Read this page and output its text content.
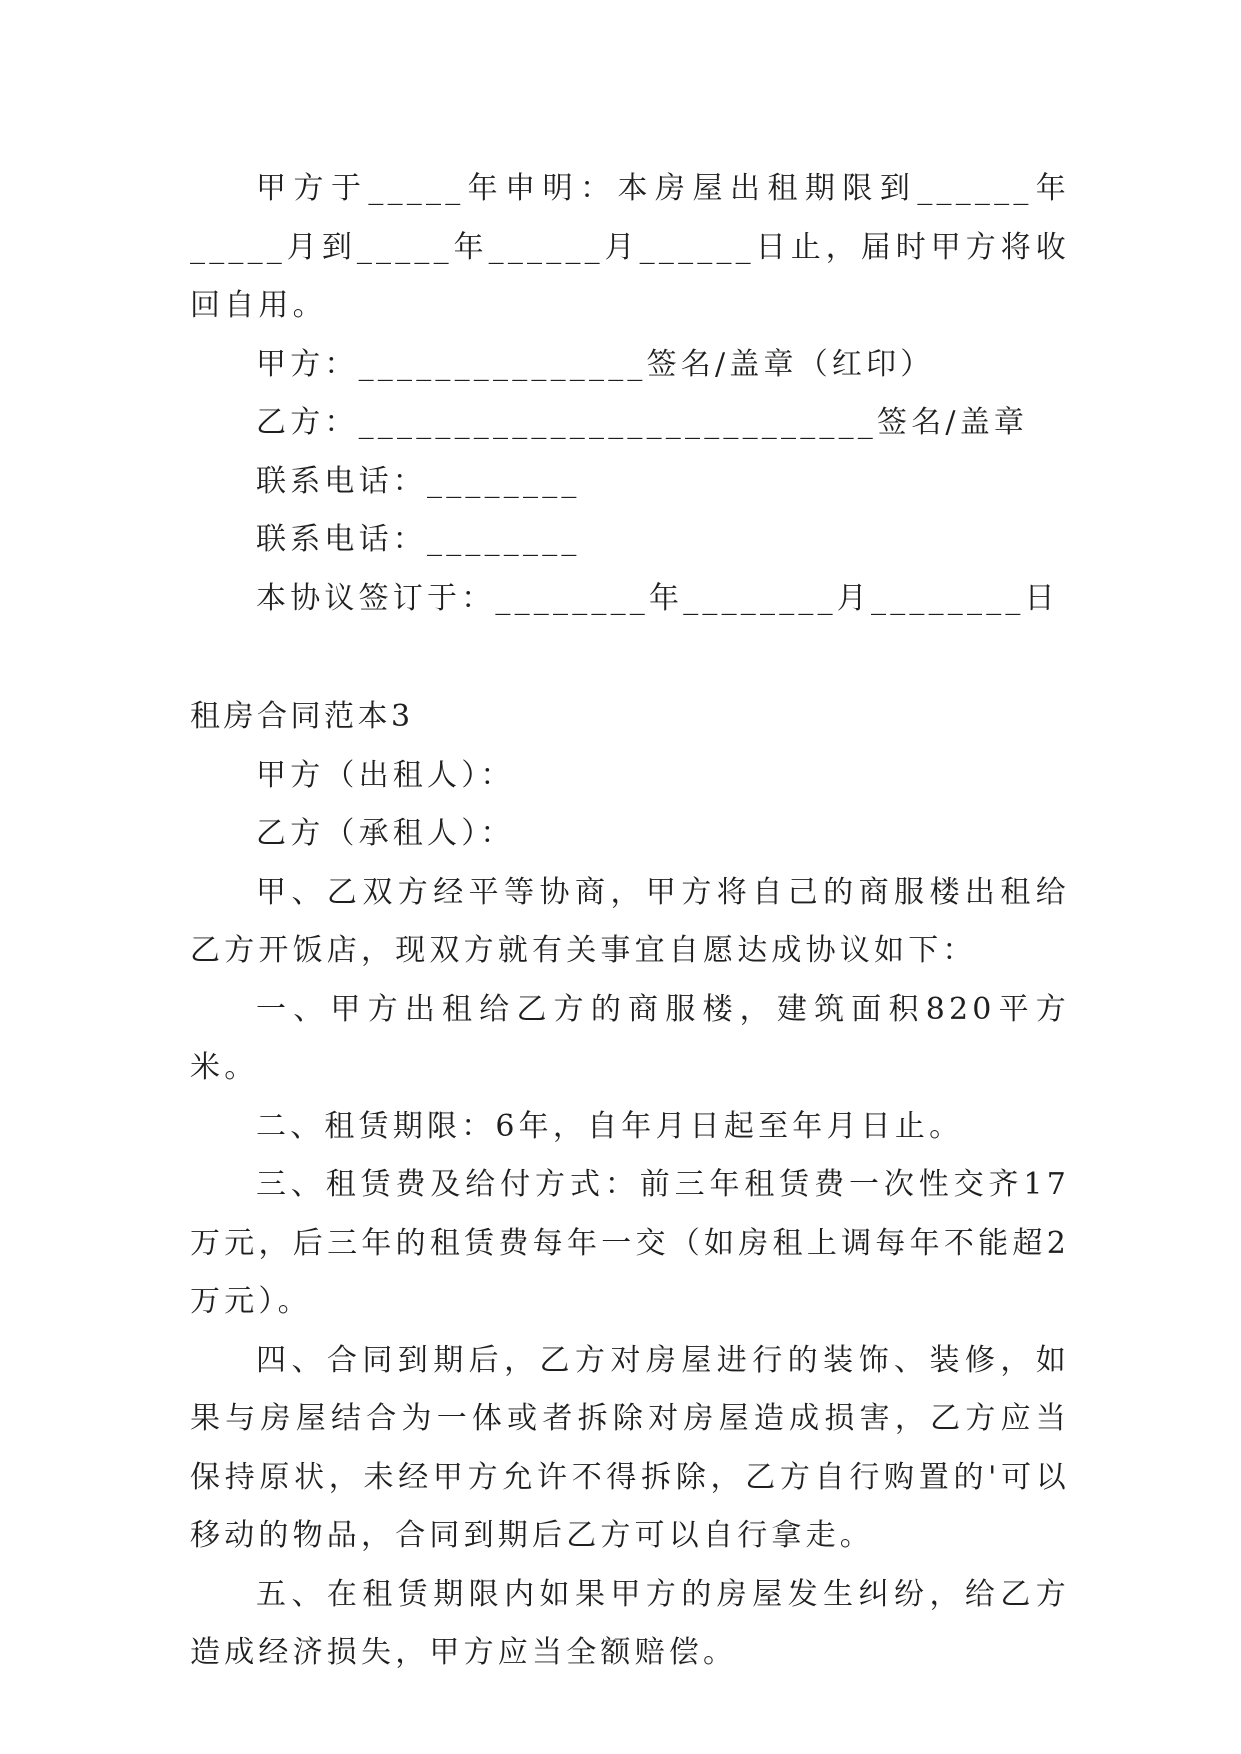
甲方于_____年申明：本房屋出租期限到______年_____月到_____年______月______日止，届时甲方将收回自用。

甲方：_______________签名/盖章（红印）

乙方：___________________________签名/盖章

联系电话：________

联系电话：________

本协议签订于：________年________月________日

租房合同范本3

甲方（出租人）：

乙方（承租人）：

甲、乙双方经平等协商，甲方将自己的商服楼出租给乙方开饭店，现双方就有关事宜自愿达成协议如下：

一、甲方出租给乙方的商服楼，建筑面积820平方米。

二、租赁期限：6年，自年月日起至年月日止。

三、租赁费及给付方式：前三年租赁费一次性交齐17万元，后三年的租赁费每年一交（如房租上调每年不能超2万元）。

四、合同到期后，乙方对房屋进行的装饰、装修，如果与房屋结合为一体或者拆除对房屋造成损害，乙方应当保持原状，未经甲方允许不得拆除，乙方自行购置的'可以移动的物品，合同到期后乙方可以自行拿走。

五、在租赁期限内如果甲方的房屋发生纠纷，给乙方造成经济损失，甲方应当全额赔偿。
